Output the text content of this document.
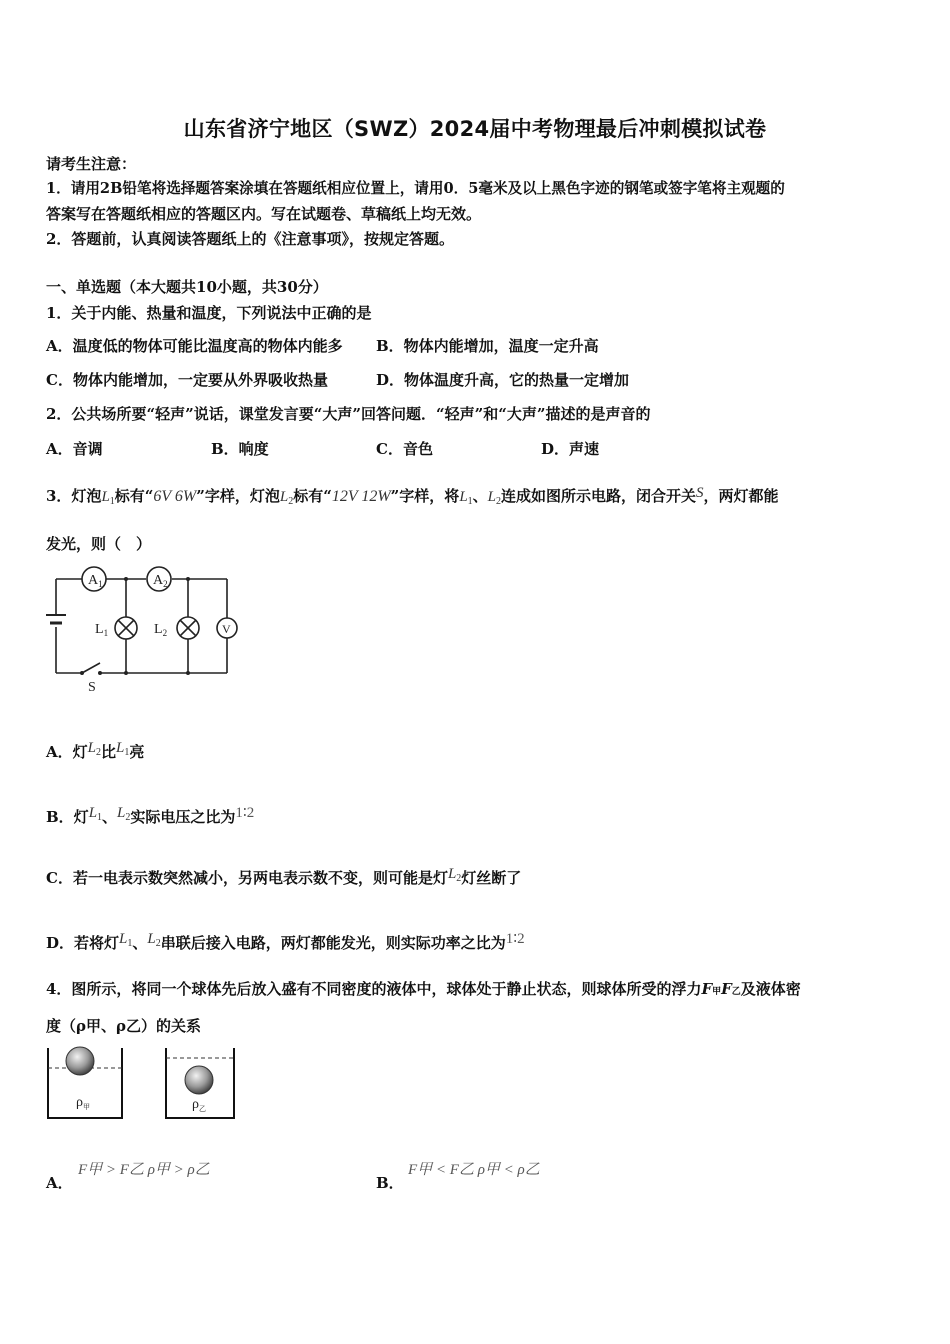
山东省济宁地区（SWZ）2024届中考物理最后冲刺模拟试卷
请考生注意：
1．请用2B铅笔将选择题答案涂填在答题纸相应位置上，请用0．5毫米及以上黑色字迹的钢笔或签字笔将主观题的
答案写在答题纸相应的答题区内。写在试题卷、草稿纸上均无效。
2．答题前，认真阅读答题纸上的《注意事项》，按规定答题。
一、单选题（本大题共10小题，共30分）
1．关于内能、热量和温度，下列说法中正确的是
A．温度低的物体可能比温度高的物体内能多 B．物体内能增加，温度一定升高
C．物体内能增加，一定要从外界吸收热量	D．物体温度升高，它的热量一定增加
2．公共场所要“轻声”说话，课堂发言要“大声”回答问题．“轻声”和“大声”描述的是声音的
A．音调	B．响度	C．音色	D．声速
3．灯泡$L_1$标有“6V 6W”字样，灯泡$L_2$标有“12V 12W”字样，将$L_1$、$L_2$连成如图所示电路，闭合开关S，两灯都能
发光，则（　）
$A_1$	$A_2$
$L_1$	$L_2$	V
S
A．灯$L_2$比$L_1$亮
B．灯$L_1$、$L_2$实际电压之比为1∶2
C．若一电表示数突然减小，另两电表示数不变，则可能是灯$L_2$灯丝断了
D．若将灯$L_1$、$L_2$串联后接入电路，两灯都能发光，则实际功率之比为1∶2
4．图所示，将同一个球体先后放入盛有不同密度的液体中，球体处于静止状态，则球体所受的浮力F甲F乙及液体密
度（ρ甲、ρ乙）的关系
$\rho_甲$	$\rho_乙$
A．
F甲 > F乙 ρ甲 > ρ乙
B．
F甲 < F乙 ρ甲 < ρ乙
